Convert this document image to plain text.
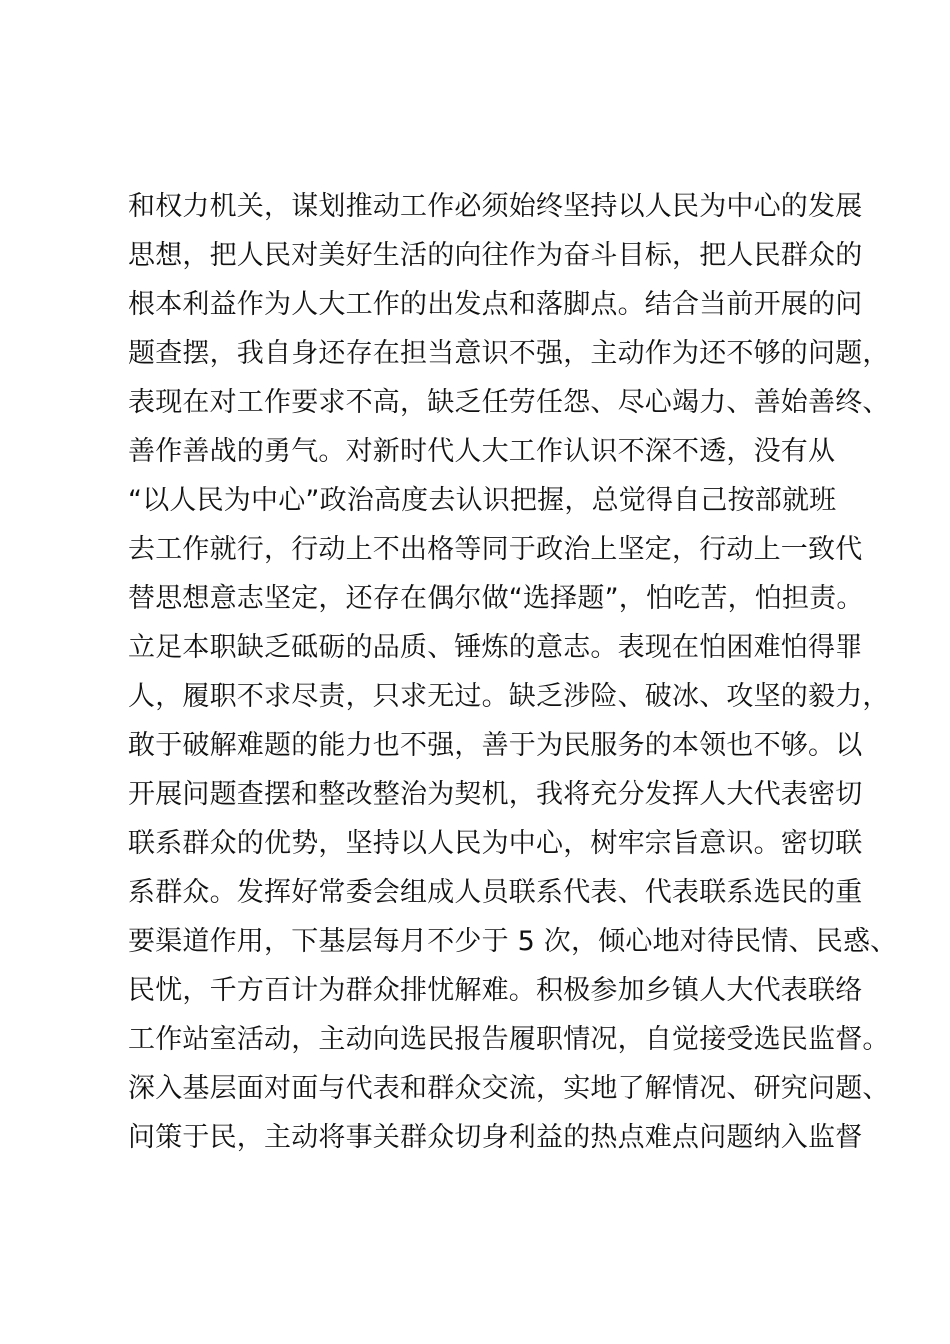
和权力机关，谋划推动工作必须始终坚持以人民为中心的发展
思想，把人民对美好生活的向往作为奋斗目标，把人民群众的
根本利益作为人大工作的出发点和落脚点。结合当前开展的问
题查摆，我自身还存在担当意识不强，主动作为还不够的问题，
表现在对工作要求不高，缺乏任劳任怨、尽心竭力、善始善终、
善作善战的勇气。对新时代人大工作认识不深不透，没有从
“以人民为中心”政治高度去认识把握，总觉得自己按部就班
去工作就行，行动上不出格等同于政治上坚定，行动上一致代
替思想意志坚定，还存在偶尔做“选择题”，怕吃苦，怕担责。
立足本职缺乏砥砺的品质、锤炼的意志。表现在怕困难怕得罪
人，履职不求尽责，只求无过。缺乏涉险、破冰、攻坚的毅力，
敢于破解难题的能力也不强，善于为民服务的本领也不够。以
开展问题查摆和整改整治为契机，我将充分发挥人大代表密切
联系群众的优势，坚持以人民为中心，树牢宗旨意识。密切联
系群众。发挥好常委会组成人员联系代表、代表联系选民的重
要渠道作用，下基层每月不少于 5 次，倾心地对待民情、民惑、
民忧，千方百计为群众排忧解难。积极参加乡镇人大代表联络
工作站室活动，主动向选民报告履职情况，自觉接受选民监督。
深入基层面对面与代表和群众交流，实地了解情况、研究问题、
问策于民，主动将事关群众切身利益的热点难点问题纳入监督
